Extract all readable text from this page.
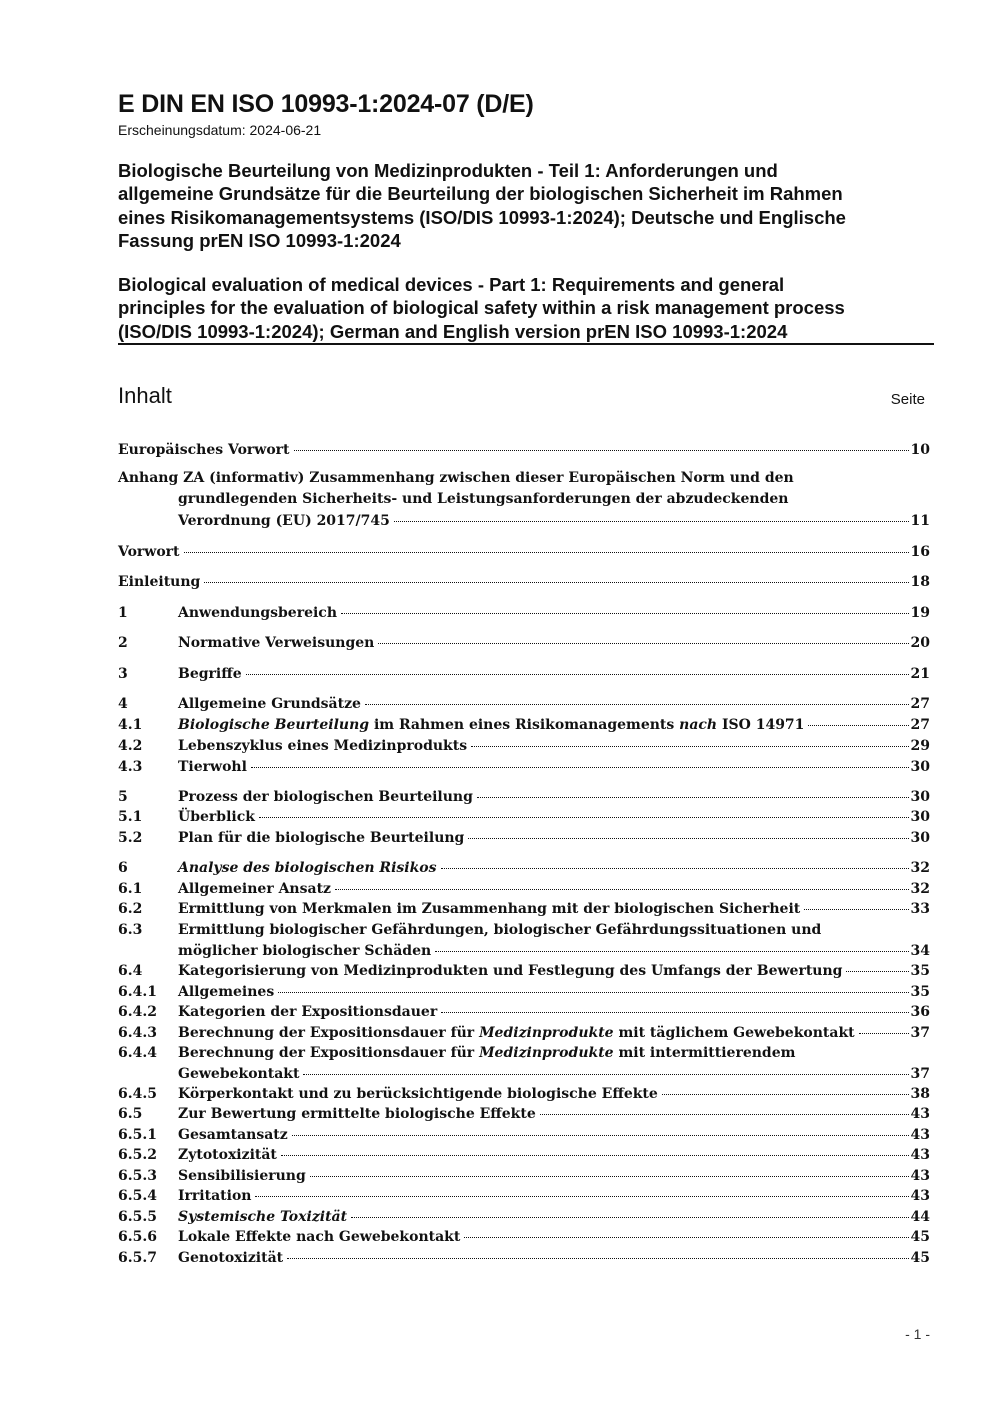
E DIN EN ISO 10993-1:2024-07 (D/E)
Erscheinungsdatum: 2024-06-21
Biologische Beurteilung von Medizinprodukten - Teil 1: Anforderungen und
allgemeine Grundsätze für die Beurteilung der biologischen Sicherheit im Rahmen
eines Risikomanagementsystems (ISO/DIS 10993-1:2024); Deutsche und Englische
Fassung prEN ISO 10993-1:2024
Biological evaluation of medical devices - Part 1: Requirements and general
principles for the evaluation of biological safety within a risk management process
(ISO/DIS 10993-1:2024); German and English version prEN ISO 10993-1:2024
Inhalt	Seite
Europäisches Vorwort	10
Anhang ZA (informativ) Zusammenhang zwischen dieser Europäischen Norm und den
grundlegenden Sicherheits- und Leistungsanforderungen der abzudeckenden
Verordnung (EU) 2017/745	11
Vorwort	16
Einleitung	18
1	Anwendungsbereich	19
2	Normative Verweisungen	20
3	Begriffe	21
4	Allgemeine Grundsätze	27
4.1	Biologische Beurteilung im Rahmen eines Risikomanagements nach ISO 14971	27
4.2	Lebenszyklus eines Medizinprodukts	29
4.3	Tierwohl	30
5	Prozess der biologischen Beurteilung	30
5.1	Überblick	30
5.2	Plan für die biologische Beurteilung	30
6	Analyse des biologischen Risikos	32
6.1	Allgemeiner Ansatz	32
6.2	Ermittlung von Merkmalen im Zusammenhang mit der biologischen Sicherheit	33
6.3	Ermittlung biologischer Gefährdungen, biologischer Gefährdungssituationen und
möglicher biologischer Schäden	34
6.4	Kategorisierung von Medizinprodukten und Festlegung des Umfangs der Bewertung	35
6.4.1 Allgemeines	35
6.4.2 Kategorien der Expositionsdauer	36
6.4.3 Berechnung der Expositionsdauer für Medizinprodukte mit täglichem Gewebekontakt	37
6.4.4 Berechnung der Expositionsdauer für Medizinprodukte mit intermittierendem
Gewebekontakt	37
6.4.5 Körperkontakt und zu berücksichtigende biologische Effekte	38
6.5	Zur Bewertung ermittelte biologische Effekte	43
6.5.1 Gesamtansatz	43
6.5.2 Zytotoxizität	43
6.5.3 Sensibilisierung	43
6.5.4 Irritation	43
6.5.5 Systemische Toxizität	44
6.5.6 Lokale Effekte nach Gewebekontakt	45
6.5.7 Genotoxizität	45
- 1 -
